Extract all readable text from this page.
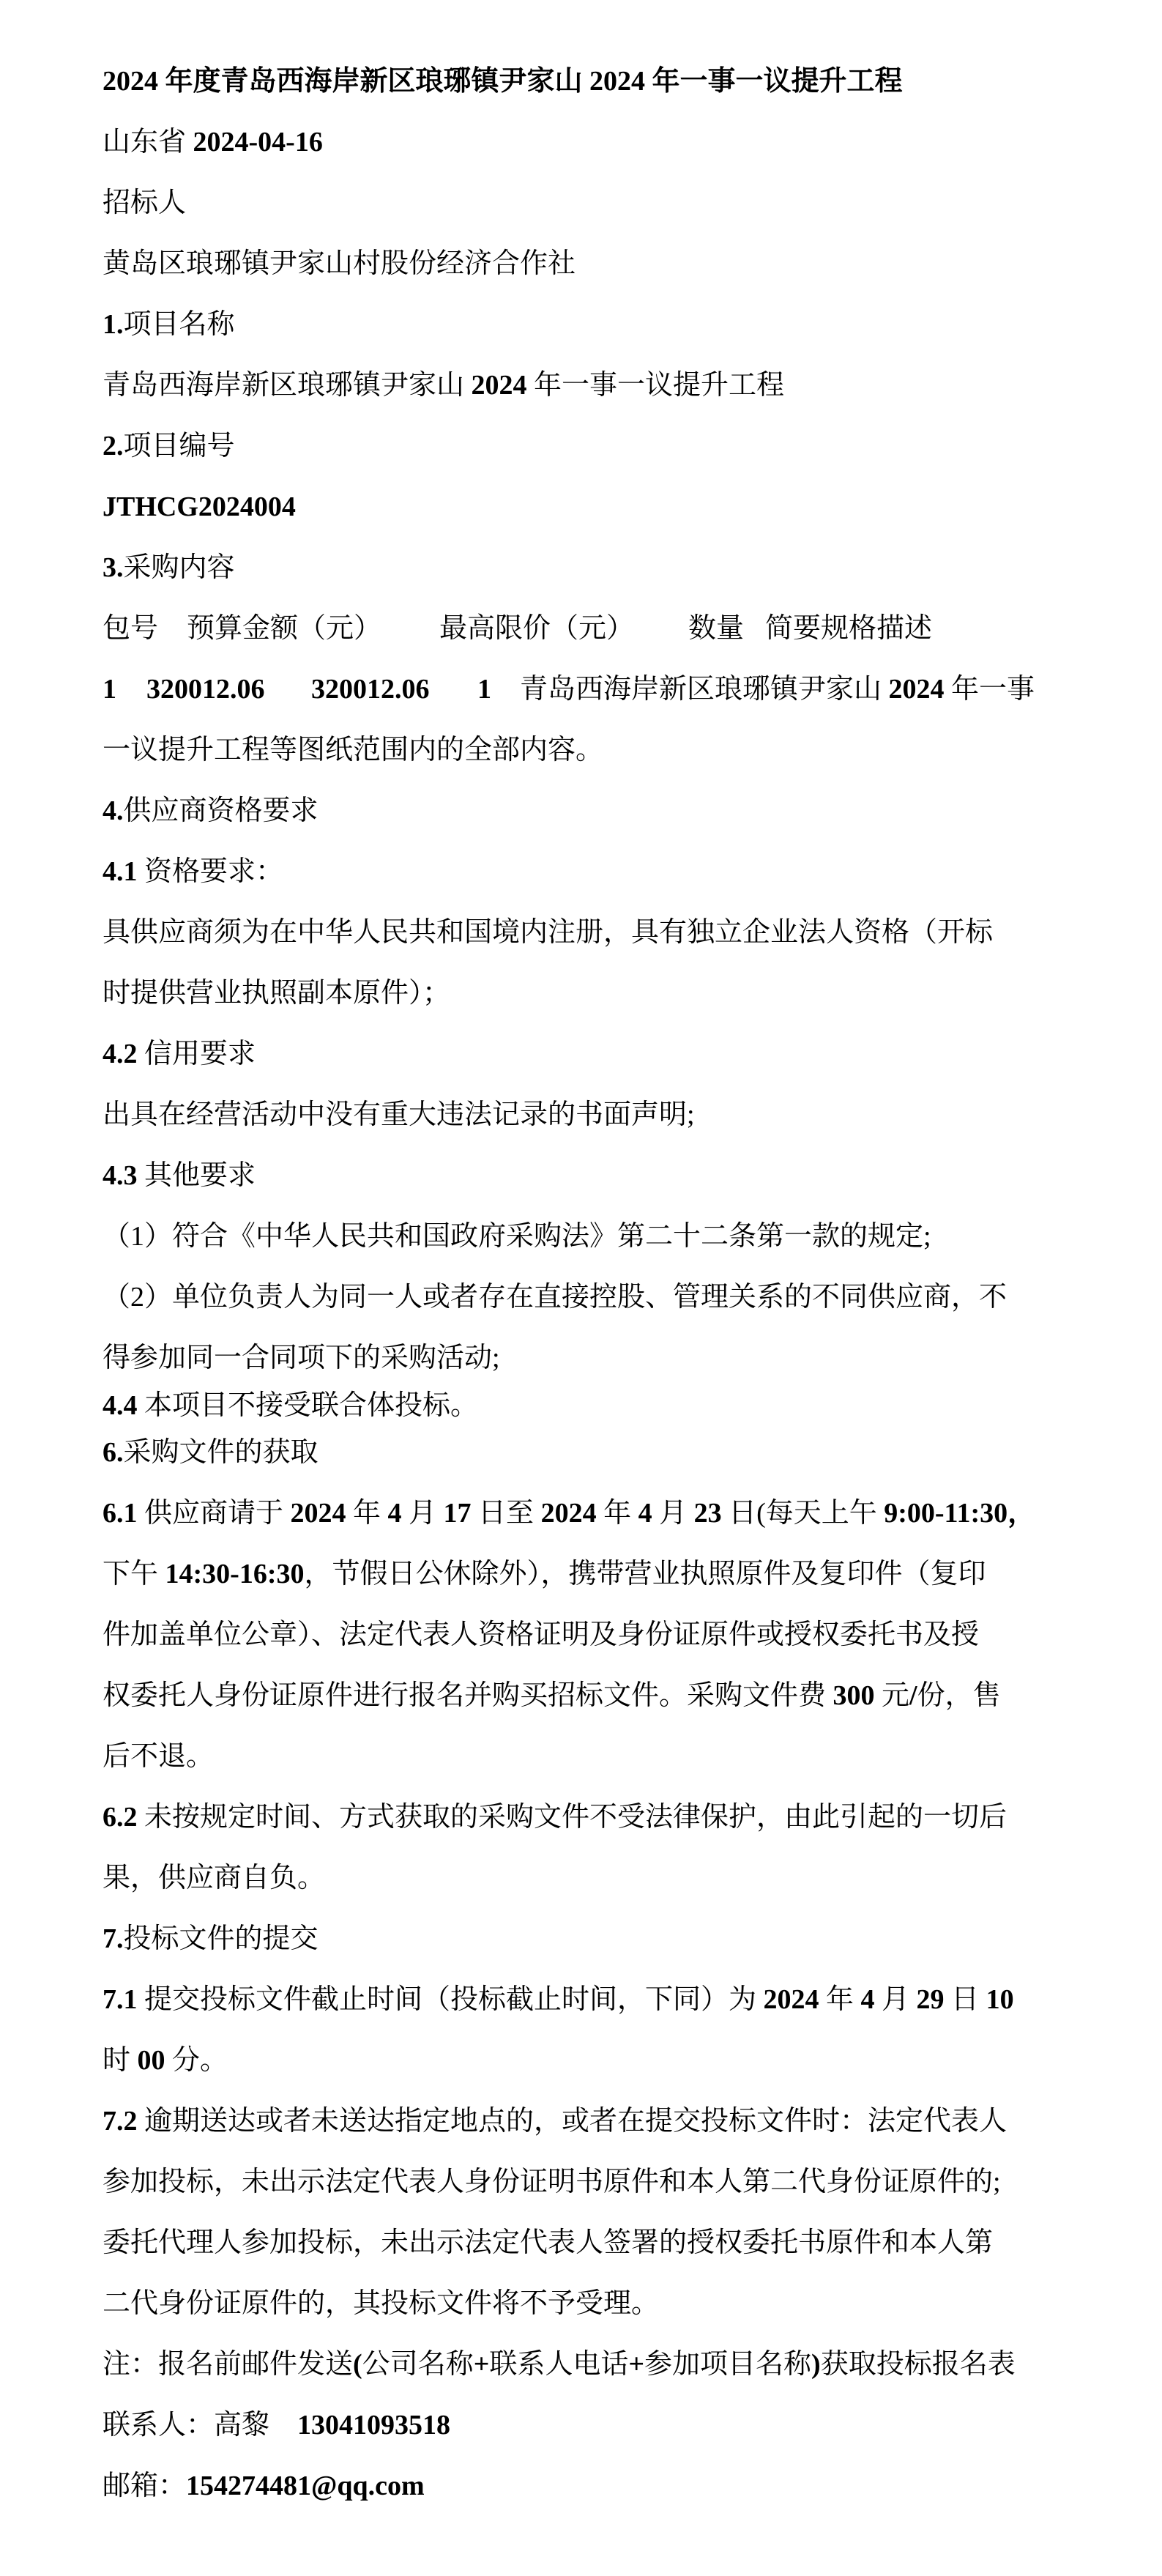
2024 年度青岛西海岸新区琅琊镇尹家山 2024 年一事一议提升工程
山东省 2024-04-16
招标人
黄岛区琅琊镇尹家山村股份经济合作社
1.项目名称
青岛西海岸新区琅琊镇尹家山 2024 年一事一议提升工程
2.项目编号
JTHCG2024004
3.采购内容
包号 预算金额（元） 最高限价（元） 数量 简要规格描述
1 320012.06 320012.06 1 青岛西海岸新区琅琊镇尹家山 2024 年一事
一议提升工程等图纸范围内的全部内容。
4.供应商资格要求
4.1 资格要求：
具供应商须为在中华人民共和国境内注册，具有独立企业法人资格（开标
时提供营业执照副本原件）；
4.2 信用要求
出具在经营活动中没有重大违法记录的书面声明;
4.3 其他要求
（1）符合《中华人民共和国政府采购法》第二十二条第一款的规定;
（2）单位负责人为同一人或者存在直接控股、管理关系的不同供应商，不
得参加同一合同项下的采购活动;
4.4 本项目不接受联合体投标。
6.采购文件的获取
6.1 供应商请于 2024 年 4 月 17 日至 2024 年 4 月 23 日(每天上午 9:00-11:30，
下午 14:30-16:30，节假日公休除外），携带营业执照原件及复印件（复印
件加盖单位公章）、法定代表人资格证明及身份证原件或授权委托书及授
权委托人身份证原件进行报名并购买招标文件。采购文件费 300 元/份，售
后不退。
6.2 未按规定时间、方式获取的采购文件不受法律保护，由此引起的一切后
果，供应商自负。
7.投标文件的提交
7.1 提交投标文件截止时间（投标截止时间，下同）为 2024 年 4 月 29 日 10
时 00 分。
7.2 逾期送达或者未送达指定地点的，或者在提交投标文件时：法定代表人
参加投标，未出示法定代表人身份证明书原件和本人第二代身份证原件的;
委托代理人参加投标，未出示法定代表人签署的授权委托书原件和本人第
二代身份证原件的，其投标文件将不予受理。
注：报名前邮件发送(公司名称+联系人电话+参加项目名称)获取投标报名表
联系人：高黎    13041093518
邮箱：154274481@qq.com
